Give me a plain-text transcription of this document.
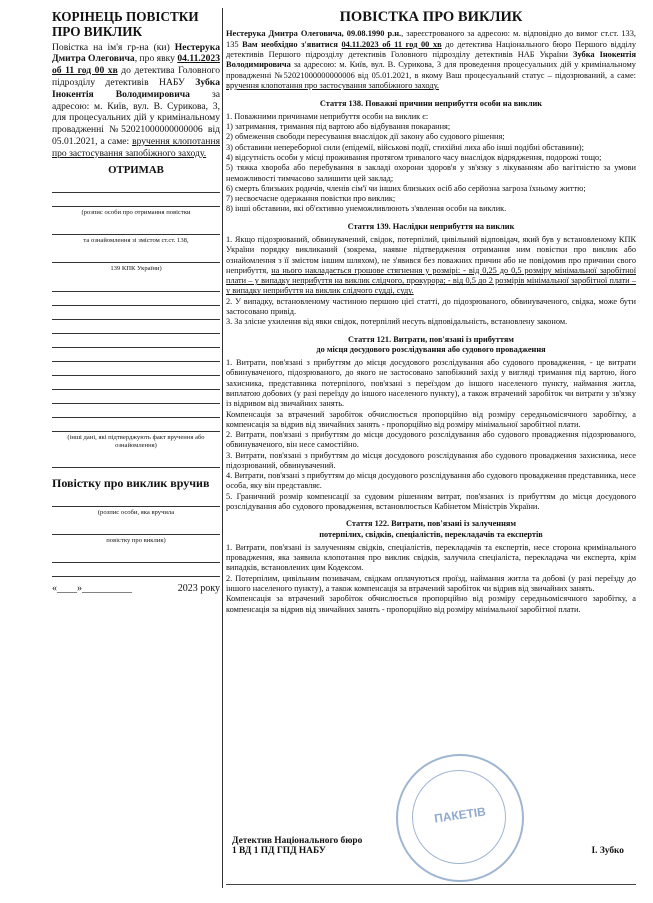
КОРІНЕЦЬ ПОВІСТКИ ПРО ВИКЛИК
Повістка на ім'я гр-на (ки) Нестерука Дмитра Олеговича, про явку 04.11.2023 об 11 год 00 хв до детектива Головного підрозділу детективів НАБУ Зубка Інокентія Володимировича за адресою: м. Київ, вул. В. Сурикова, 3, для процесуальних дій у кримінальному провадженні №52021000000000006 від 05.01.2021, а саме: вручення клопотання про застосування запобіжного заходу.
ОТРИМАВ
(розпис особи про отримання повістки
та ознайомлення зі змістом ст.ст. 138,
139 КПК України)
(інші дані, які підтверджують факт вручення або ознайомлення)
Повістку про виклик вручив
(розпис особи, яка вручила
повістку про виклик)
«____»__________	2023 року
ПОВІСТКА ПРО ВИКЛИК
Нестерука Дмитра Олеговича, 09.08.1990 р.н., зареєстрованого за адресою: м. відповідно до вимог ст.ст. 133, 135 Вам необхідно з'явитися 04.11.2023 об 11 год 00 хв до детектива Національного бюро Першого відділу детективів Першого підрозділу детективів Головного підрозділу детективів НАБ України Зубка Інокентія Володимировича за адресою: м. Київ, вул. В. Сурикова, 3 для проведення процесуальних дій у кримінальному провадженні №52021000000000006 від 05.01.2021, в якому Ваш процесуальний статус – підозрюваний, а саме: вручення клопотання про застосування запобіжного заходу.
Стаття 138. Поважні причини неприбуття особи на виклик

1. Поважними причинами неприбуття особи на виклик є:

1) затримання, тримання під вартою або відбування покарання;

2) обмеження свободи пересування внаслідок дії закону або судового рішення;

3) обставини непереборної сили (епідемії, військові події, стихійні лиха або інші подібні обставини);

4) відсутність особи у місці проживання протягом тривалого часу внаслідок відрядження, подорожі тощо;

5) тяжка хвороба або перебування в закладі охорони здоров'я у зв'язку з лікуванням або вагітністю за умови неможливості тимчасово залишити цей заклад;

6) смерть близьких родичів, членів сім'ї чи інших близьких осіб або серйозна загроза їхньому життю;

7) несвоєчасне одержання повістки про виклик;

8) інші обставини, які об'єктивно унеможливлюють з'явлення особи на виклик.

Стаття 139. Наслідки неприбуття на виклик

1. Якщо підозрюваний, обвинувачений, свідок, потерпілий, цивільний відповідач, який був у встановленому КПК України порядку викликаний (зокрема, наявне підтвердження отримання ним повістки про виклик або ознайомлення з її змістом іншим шляхом), не з'явився без поважних причин або не повідомив про причини свого неприбуття, на нього накладається грошове стягнення у розмірі: - від 0,25 до 0,5 розміру мінімальної заробітної плати – у випадку неприбуття на виклик слідчого, прокурора; - від 0,5 до 2 розмірів мінімальної заробітної плати – у випадку неприбуття на виклик слідчого судді, суду.

2. У випадку, встановленому частиною першою цієї статті, до підозрюваного, обвинуваченого, свідка, може бути застосовано привід.

3. За злісне ухилення від явки свідок, потерпілий несуть відповідальність, встановлену законом.

Стаття 121. Витрати, пов'язані із прибуттям
до місця досудового розслідування або судового провадження

1. Витрати, пов'язані з прибуттям до місця досудового розслідування або судового провадження, - це витрати обвинуваченого, підозрюваного, до якого не застосовано запобіжний захід у вигляді тримання під вартою, його захисника, представника потерпілого, пов'язані з переїздом до іншого населеного пункту, наймання житла, виплатою добових (у разі переїзду до іншого населеного пункту), а також втрачений заробіток чи витрати у зв'язку із відривом від звичайних занять.

Компенсація за втрачений заробіток обчислюється пропорційно від розміру середньомісячного заробітку, а компенсація за відрив від звичайних занять - пропорційно від розміру мінімальної заробітної плати.

2. Витрати, пов'язані з прибуттям до місця досудового розслідування або судового провадження підозрюваного, обвинуваченого, він несе самостійно.

3. Витрати, пов'язані з прибуттям до місця досудового розслідування або судового провадження захисника, несе підозрюваний, обвинувачений.

4. Витрати, пов'язані з прибуттям до місця досудового розслідування або судового провадження представника, несе особа, яку він представляє.

5. Граничний розмір компенсації за судовим рішенням витрат, пов'язаних із прибуттям до місця досудового розслідування або судового провадження, встановлюється Кабінетом Міністрів України.

Стаття 122. Витрати, пов'язані із залученням
потерпілих, свідків, спеціалістів, перекладачів та експертів

1. Витрати, пов'язані із залученням свідків, спеціалістів, перекладачів та експертів, несе сторона кримінального провадження, яка заявила клопотання про виклик свідків, залучила спеціаліста, перекладача чи експерта, крім випадків, встановлених цим Кодексом.

2. Потерпілим, цивільним позивачам, свідкам оплачуються проїзд, наймання житла та добові (у разі переїзду до іншого населеного пункту), а також компенсація за втрачений заробіток чи відрив від звичайних занять.

Компенсація за втрачений заробіток обчислюється пропорційно від розміру середньомісячного заробітку, а компенсація за відрив від звичайних занять - пропорційно від розміру мінімальної заробітної плати.

ПАКЕТІВ
Детектив Національного бюро
1 ВД 1 ПД ГПД НАБУ	І. Зубко
